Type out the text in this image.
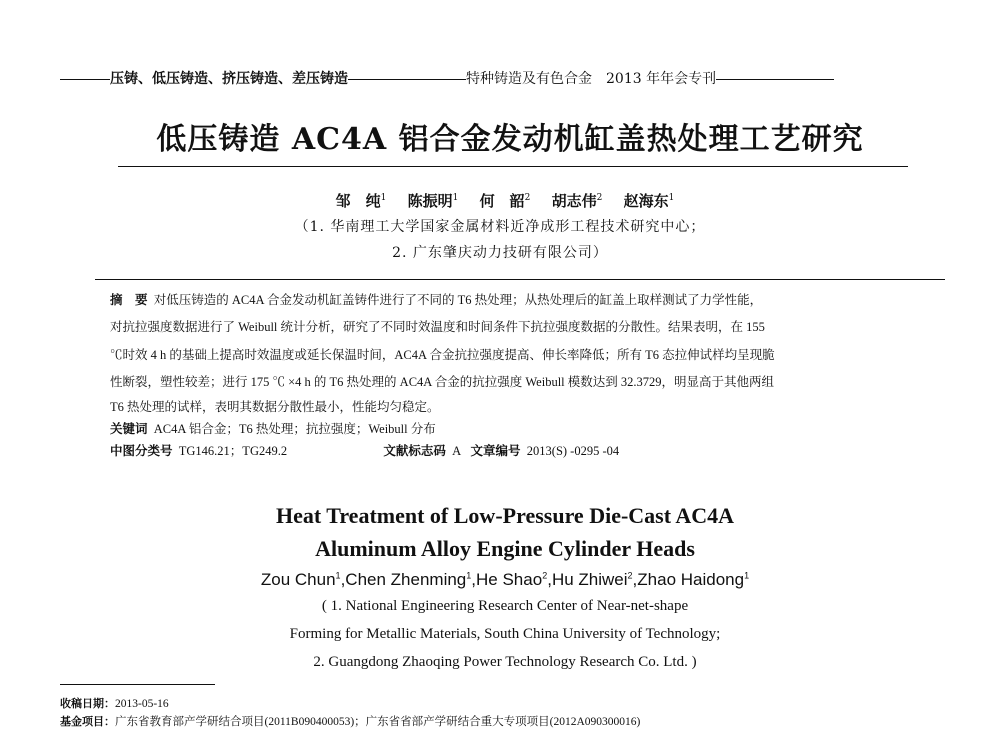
压铸、低压铸造、挤压铸造、差压铸造	特种铸造及有色合金　2013 年年会专刊
低压铸造 AC4A 铝合金发动机缸盖热处理工艺研究
邹　纯$^1$ 陈振明$^1$ 何　韶$^2$ 胡志伟$^2$ 赵海东$^1$
（1. 华南理工大学国家金属材料近净成形工程技术研究中心；
2. 广东肇庆动力技研有限公司）
摘　要 对低压铸造的 AC4A 合金发动机缸盖铸件进行了不同的 T6 热处理；从热处理后的缸盖上取样测试了力学性能，
对抗拉强度数据进行了 Weibull 统计分析，研究了不同时效温度和时间条件下抗拉强度数据的分散性。结果表明，在 155
℃时效 4 h 的基础上提高时效温度或延长保温时间，AC4A 合金抗拉强度提高、伸长率降低；所有 T6 态拉伸试样均呈现脆
性断裂，塑性较差；进行 175 ℃ ×4 h 的 T6 热处理的 AC4A 合金的抗拉强度 Weibull 模数达到 32.3729，明显高于其他两组
T6 热处理的试样，表明其数据分散性最小，性能均匀稳定。
关键词 AC4A 铝合金；T6 热处理；抗拉强度；Weibull 分布
中图分类号 TG146.21；TG249.2	文献标志码 A 文章编号 2013(S) -0295 -04
Heat Treatment of Low-Pressure Die-Cast AC4A
Aluminum Alloy Engine Cylinder Heads
Zou Chun$^1$,Chen Zhenming$^1$,He Shao$^2$,Hu Zhiwei$^2$,Zhao Haidong$^1$
( 1. National Engineering Research Center of Near-net-shape
Forming for Metallic Materials, South China University of Technology;
2. Guangdong Zhaoqing Power Technology Research Co. Ltd. )
收稿日期：2013-05-16
基金项目：广东省教育部产学研结合项目(2011B090400053)；广东省省部产学研结合重大专项项目(2012A090300016)
